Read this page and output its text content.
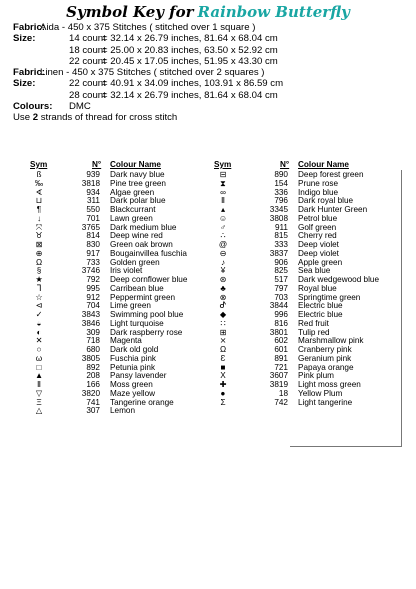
Symbol Key for Rainbow Butterfly
Fabric:
Aida - 450 x 375 Stitches ( stitched over 1 square )
Size:	14 count
= 32.14 x 26.79 inches, 81.64 x 68.04 cm
18 count
= 25.00 x 20.83 inches, 63.50 x 52.92 cm
22 count
= 20.45 x 17.05 inches, 51.95 x 43.30 cm
Fabric:
Linen - 450 x 375 Stitches ( stitched over 2 squares )
Size:	22 count
= 40.91 x 34.09 inches, 103.91 x 86.59 cm
28 count
= 32.14 x 26.79 inches, 81.64 x 68.04 cm
Colours: DMC
Use 2 strands of thread for cross stitch
Sym	N° Colour Name
ß	939 Dark navy blue
‰	3818 Pine tree green
∢	934 Algae green
⊔	311 Dark polar blue
¶	550 Blackcurrant
↓	701 Lawn green
⤧	3765 Dark medium blue
♉	814 Deep wine red
⊠	830 Green oak brown
⊕	917 Bougainvillea fuschia
Ω	733 Golden green
§	3746 Iris violet
★	792 Deep cornflower blue
ᒣ	995 Carribean blue
☆	912 Peppermint green
⊲	704 Lime green
✓	3843 Swimming pool blue
◒	3846 Light turquoise
◐	309 Dark raspberry rose
✕	718 Magenta
○	680 Dark old gold
ω	3805 Fuschia pink
□	892 Petunia pink
▲	208 Pansy lavender
Ⅱ	166 Moss green
▽	3820 Maze yellow
Ξ	741 Tangerine orange
△	307 Lemon
Sym	N° Colour Name
⊟	890 Deep forest green
⧗	154 Prune rose
∞	336 Indigo blue
Ⅱ	796 Dark royal blue
▴	3345 Dark Hunter Green
☺	3808 Petrol blue
♂	911 Golf green
∴	815 Cherry red
@	333 Deep violet
⊖	3837 Deep violet
♪	906 Apple green
¥	825 Sea blue
⊛	517 Dark wedgewood blue
♣	797 Royal blue
⊗	703 Springtime green
ᕷ	3844 Electric blue
◆	996 Electric blue
∷	816 Red fruit
⊞	3801 Tulip red
⨯	602 Marshmallow pink
Ω	601 Cranberry pink
Ɛ	891 Geranium pink
■	721 Papaya orange
X	3607 Pink plum
✚	3819 Light moss green
●	18 Yellow Plum
Σ	742 Light tangerine
